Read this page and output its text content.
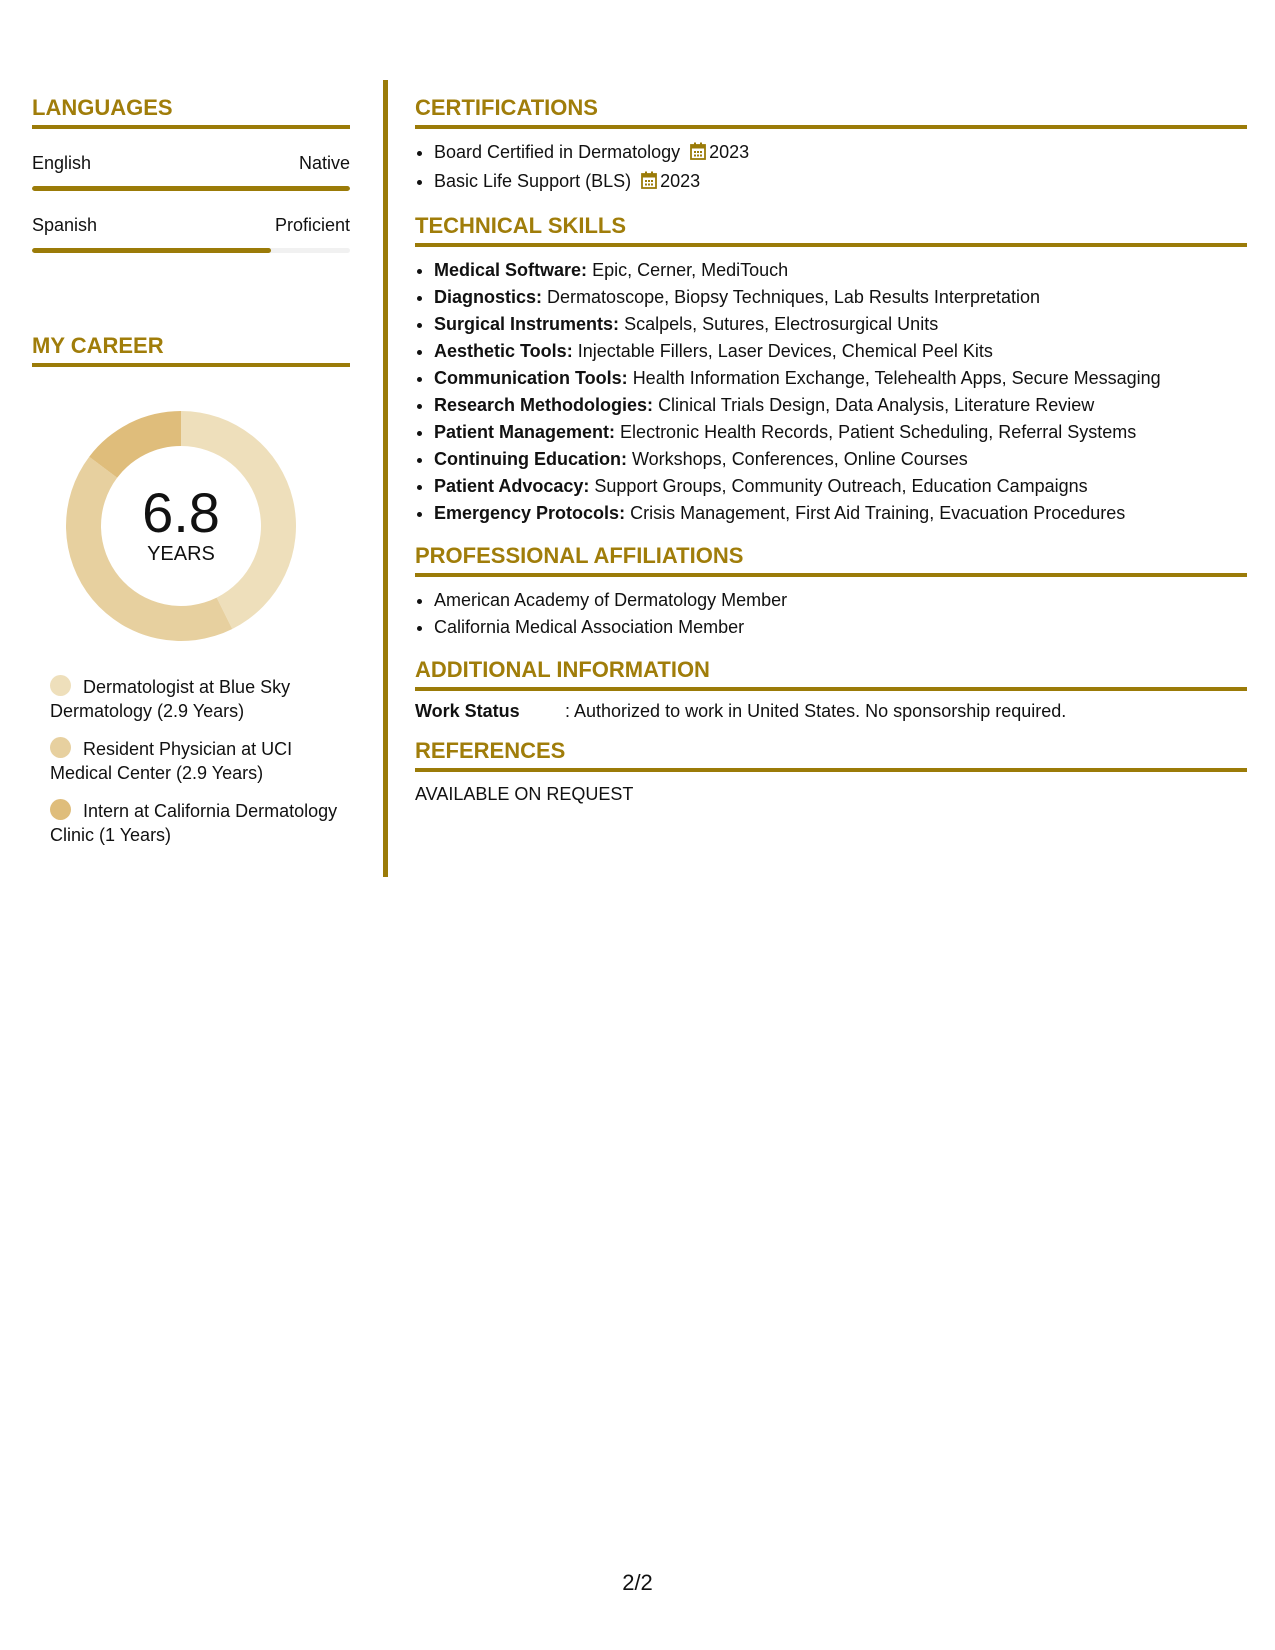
LANGUAGES
English	Native
Spanish	Proficient
MY CAREER
6.8
YEARS
Dermatologist at Blue Sky Dermatology (2.9 Years)
Resident Physician at UCI Medical Center (2.9 Years)
Intern at California Dermatology Clinic (1 Years)
CERTIFICATIONS
• Board Certified in Dermatology 2023
• Basic Life Support (BLS) 2023
TECHNICAL SKILLS
• Medical Software: Epic, Cerner, MediTouch
• Diagnostics: Dermatoscope, Biopsy Techniques, Lab Results Interpretation
• Surgical Instruments: Scalpels, Sutures, Electrosurgical Units
• Aesthetic Tools: Injectable Fillers, Laser Devices, Chemical Peel Kits
• Communication Tools: Health Information Exchange, Telehealth Apps, Secure Messaging
• Research Methodologies: Clinical Trials Design, Data Analysis, Literature Review
• Patient Management: Electronic Health Records, Patient Scheduling, Referral Systems
• Continuing Education: Workshops, Conferences, Online Courses
• Patient Advocacy: Support Groups, Community Outreach, Education Campaigns
• Emergency Protocols: Crisis Management, First Aid Training, Evacuation Procedures
PROFESSIONAL AFFILIATIONS
• American Academy of Dermatology Member
• California Medical Association Member
ADDITIONAL INFORMATION
Work Status	: Authorized to work in United States. No sponsorship required.
REFERENCES
AVAILABLE ON REQUEST
2/2
